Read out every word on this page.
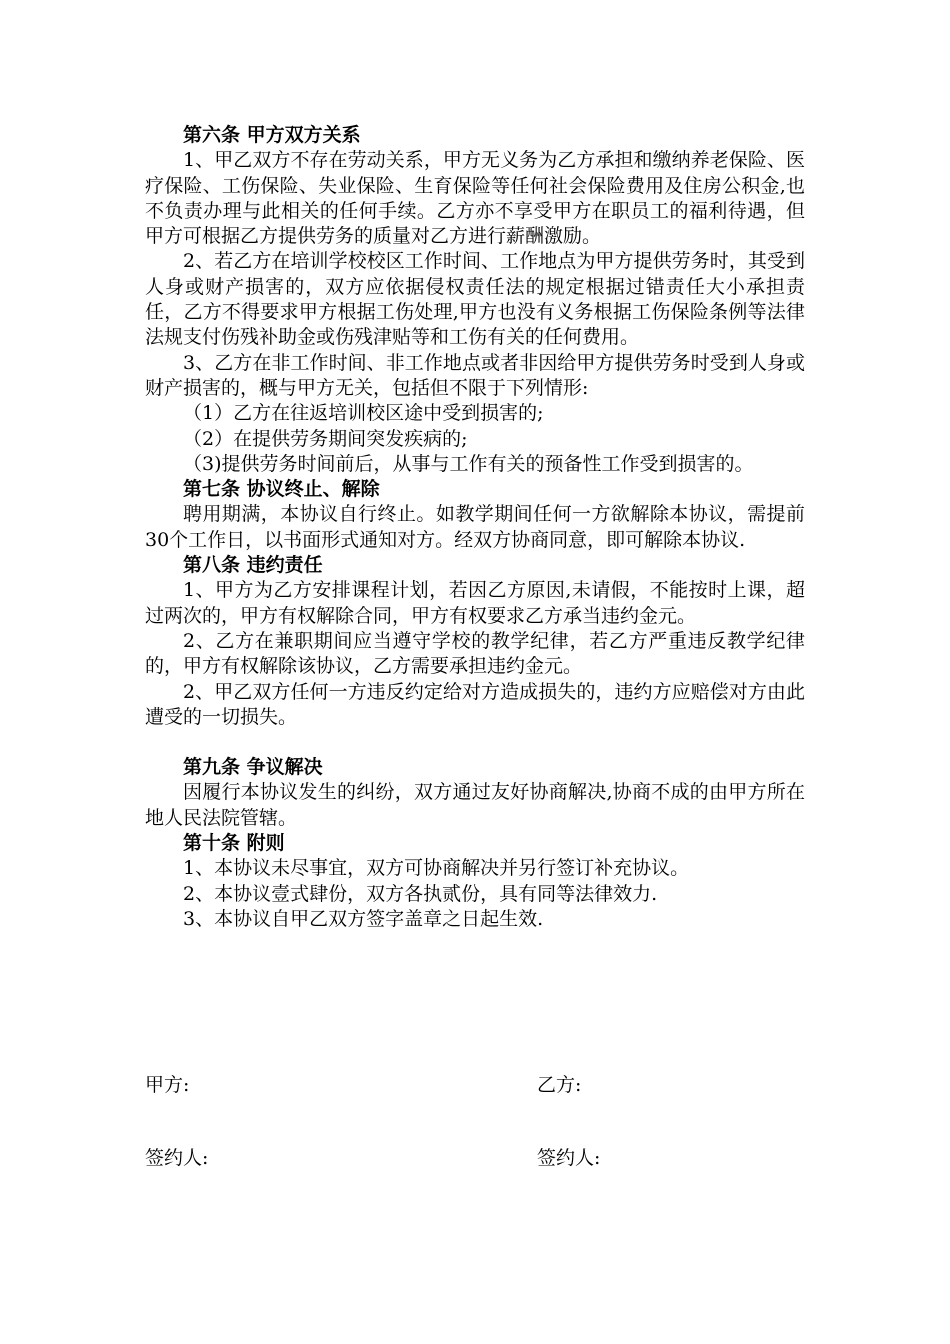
第六条 甲方双方关系

1、甲乙双方不存在劳动关系，甲方无义务为乙方承担和缴纳养老保险、医疗保险、工伤保险、失业保险、生育保险等任何社会保险费用及住房公积金,也不负责办理与此相关的任何手续。乙方亦不享受甲方在职员工的福利待遇，但甲方可根据乙方提供劳务的质量对乙方进行薪酬激励。

2、若乙方在培训学校校区工作时间、工作地点为甲方提供劳务时，其受到人身或财产损害的，双方应依据侵权责任法的规定根据过错责任大小承担责任，乙方不得要求甲方根据工伤处理,甲方也没有义务根据工伤保险条例等法律法规支付伤残补助金或伤残津贴等和工伤有关的任何费用。

3、乙方在非工作时间、非工作地点或者非因给甲方提供劳务时受到人身或财产损害的，概与甲方无关，包括但不限于下列情形:

（1）乙方在往返培训校区途中受到损害的;

（2）在提供劳务期间突发疾病的;

（3)提供劳务时间前后，从事与工作有关的预备性工作受到损害的。

第七条 协议终止、解除

聘用期满，本协议自行终止。如教学期间任何一方欲解除本协议，需提前30个工作日，以书面形式通知对方。经双方协商同意，即可解除本协议.

第八条 违约责任

1、甲方为乙方安排课程计划，若因乙方原因,未请假，不能按时上课，超过两次的，甲方有权解除合同，甲方有权要求乙方承当违约金元。

2、乙方在兼职期间应当遵守学校的教学纪律，若乙方严重违反教学纪律的，甲方有权解除该协议，乙方需要承担违约金元。

2、甲乙双方任何一方违反约定给对方造成损失的，违约方应赔偿对方由此遭受的一切损失。

第九条 争议解决

因履行本协议发生的纠纷，双方通过友好协商解决,协商不成的由甲方所在地人民法院管辖。

第十条 附则

1、本协议未尽事宜，双方可协商解决并另行签订补充协议。

2、本协议壹式肆份，双方各执贰份，具有同等法律效力.

3、本协议自甲乙双方签字盖章之日起生效.

甲方:	乙方:

签约人:	签约人:
